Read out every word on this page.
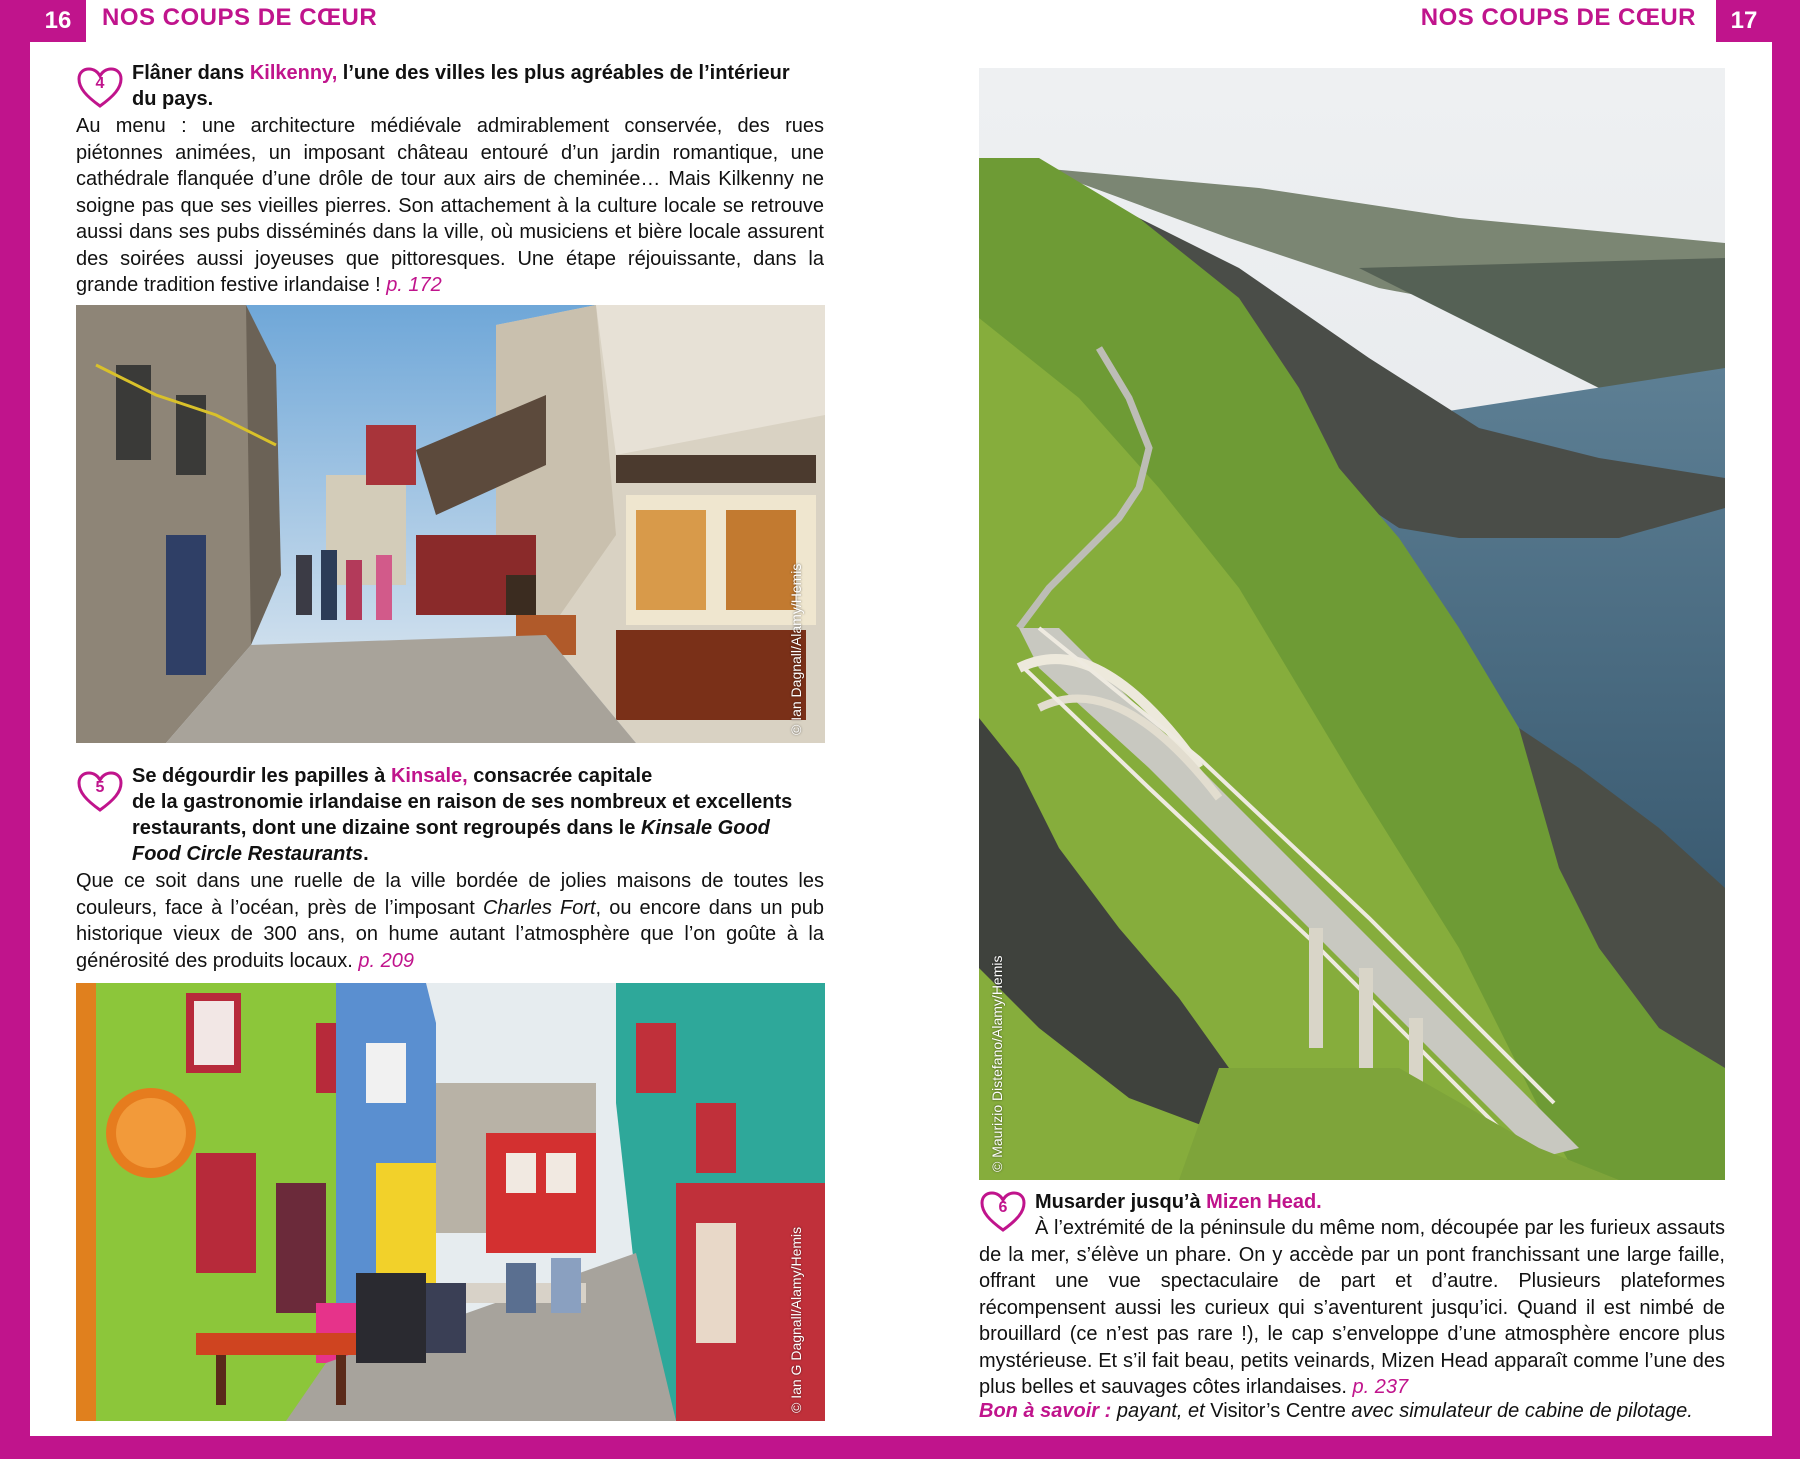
16	NOS COUPS DE CŒUR	NOS COUPS DE CŒUR	17
4	Flâner dans Kilkenny, l’une des villes les plus agréables de l’intérieur
du pays.
Au menu : une architecture médiévale admirablement conservée, des rues piétonnes animées, un imposant château entouré d’un jardin romantique, une cathédrale flanquée d’une drôle de tour aux airs de cheminée… Mais Kilkenny ne soigne pas que ses vieilles pierres. Son attachement à la culture locale se retrouve aussi dans ses pubs disséminés dans la ville, où musiciens et bière locale assurent des soirées aussi joyeuses que pittoresques. Une étape réjouissante, dans la grande tradition festive irlandaise ! p. 172
© Ian Dagnall/Alamy/Hemis
5
Se dégourdir les papilles à Kinsale, consacrée capitale
de la gastronomie irlandaise en raison de ses nombreux et excellents
restaurants, dont une dizaine sont regroupés dans le Kinsale Good
Food Circle Restaurants.
Que ce soit dans une ruelle de la ville bordée de jolies maisons de toutes les couleurs, face à l’océan, près de l’imposant Charles Fort, ou encore dans un pub historique vieux de 300 ans, on hume autant l’atmosphère que l’on goûte à la générosité des produits locaux. p. 209
© Ian G Dagnall/Alamy/Hemis
© Maurizio Distefano/Alamy/Hemis
6	Musarder jusqu’à Mizen Head.
À l’extrémité de la péninsule du même nom, découpée par les furieux assauts de la mer, s’élève un phare. On y accède par un pont franchissant une large faille, offrant une vue spectaculaire de part et d’autre. Plusieurs plateformes récompensent aussi les curieux qui s’aventurent jusqu’ici. Quand il est nimbé de brouillard (ce n’est pas rare !), le cap s’enveloppe d’une atmosphère encore plus mystérieuse. Et s’il fait beau, petits veinards, Mizen Head apparaît comme l’une des plus belles et sauvages côtes irlandaises. p. 237

Bon à savoir : payant, et Visitor’s Centre avec simulateur de cabine de pilotage.
